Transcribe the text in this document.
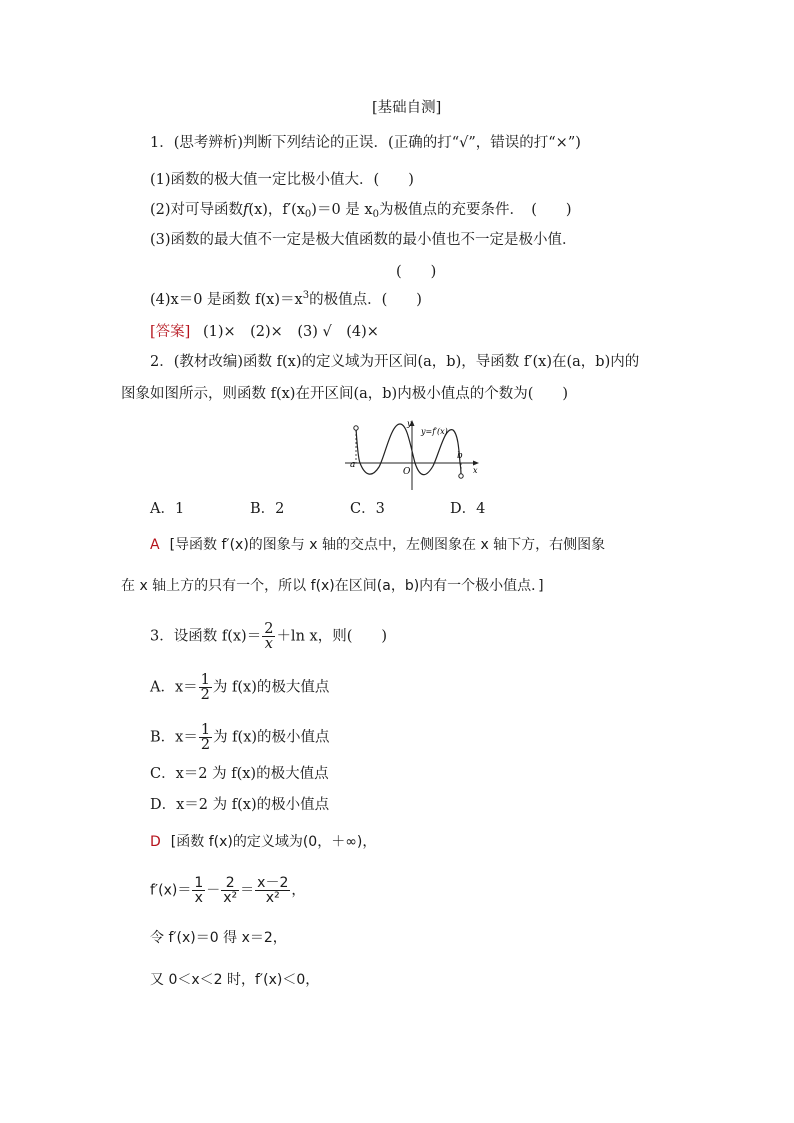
[基础自测]
1．(思考辨析)判断下列结论的正误．(正确的打“√”，错误的打“×”)
(1)函数的极大值一定比极小值大．(　　)
(2)对可导函数f(x)，$f'(x_0)=0$ 是 $x_0$为极值点的充要条件．　(　　)
(3)函数的最大值不一定是极大值函数的最小值也不一定是极小值．
(　　)
(4)x＝0 是函数 $f(x)=x^3$的极值点．(　　)
[答案] (1)×　(2)×　(3) √　(4)×
2．(教材改编)函数 f(x)的定义域为开区间(a，b)，导函数 f′(x)在(a，b)内的
图象如图所示，则函数 f(x)在开区间(a，b)内极小值点的个数为(　　)
a
b
O
y
x
y=f′(x)
A．1	B．2	C．3	D．4
A [导函数 f′(x)的图象与 x 轴的交点中，左侧图象在 x 轴下方，右侧图象
在 x 轴上方的只有一个，所以 f(x)在区间(a，b)内有一个极小值点．]
3．设函数 $f(x)= \frac{2}{x} +\ln$ x，则(　　)
A．$x= \frac{1}{2}$ 为 f(x)的极大值点
B．$x= \frac{1}{2}$ 为 f(x)的极小值点
C．x＝2 为 f(x)的极大值点
D．x＝2 为 f(x)的极小值点
D [函数 f(x)的定义域为(0，＋∞)，
$f'(x)= \frac{1}{x} - \frac{2}{\text{x²}} = \frac{x-2}{\text{x²}}$ ，
令 f′(x)＝0 得 x＝2，
又 0＜x＜2 时，f′(x)＜0，
